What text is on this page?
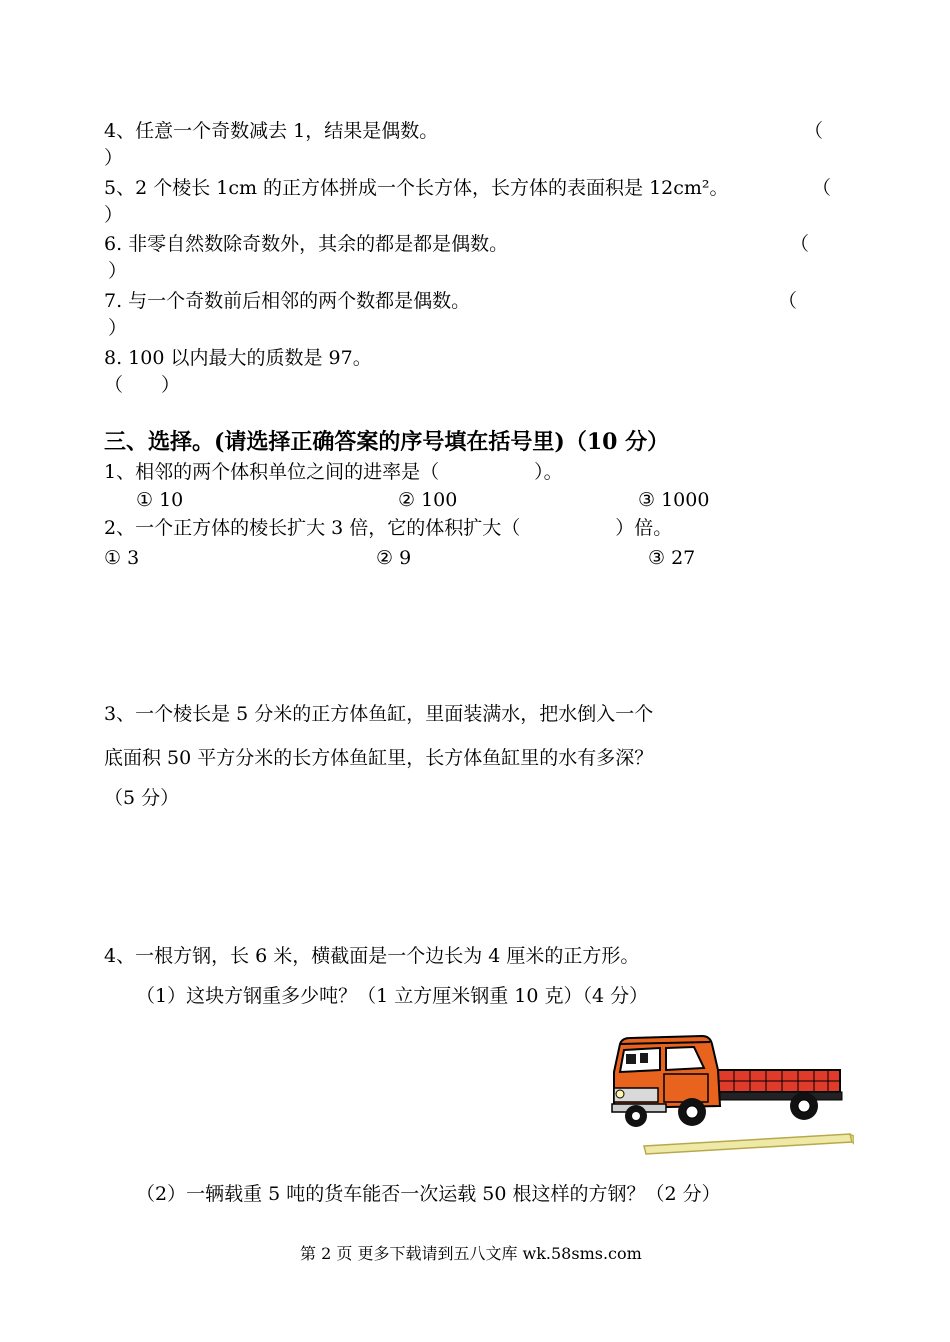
4、任意一个奇数减去 1，结果是偶数。	（
）
5、2 个棱长 1cm 的正方体拼成一个长方体，长方体的表面积是 12cm²。	（
）
6. 非零自然数除奇数外，其余的都是都是偶数。	（
）
7. 与一个奇数前后相邻的两个数都是偶数。	（
）
8. 100 以内最大的质数是 97。
（　　）
三、选择。(请选择正确答案的序号填在括号里)（10 分）
1、相邻的两个体积单位之间的进率是（　　　　　）。
① 10	② 100	③ 1000
2、一个正方体的棱长扩大 3 倍，它的体积扩大（　　　　　）倍。
① 3	② 9	③ 27
3、一个棱长是 5 分米的正方体鱼缸，里面装满水，把水倒入一个
底面积 50 平方分米的长方体鱼缸里，长方体鱼缸里的水有多深？
（5 分）
4、一根方钢，长 6 米，横截面是一个边长为 4 厘米的正方形。
（1）这块方钢重多少吨？（1 立方厘米钢重 10 克）（4 分）
（2）一辆载重 5 吨的货车能否一次运载 50 根这样的方钢？（2 分）
第 2 页 更多下载请到五八文库 wk.58sms.com
